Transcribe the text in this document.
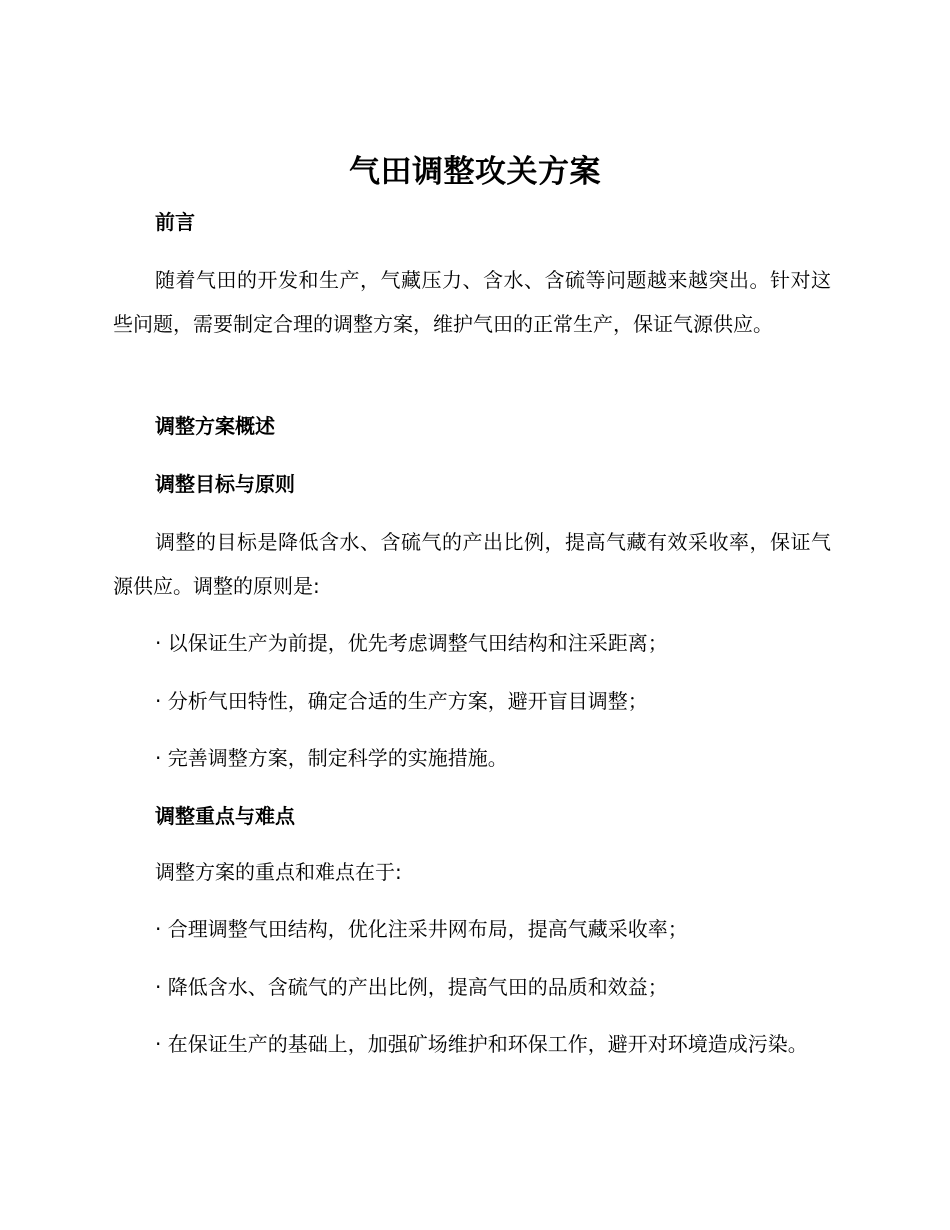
气田调整攻关方案

前言

随着气田的开发和生产，气藏压力、含水、含硫等问题越来越突出。针对这些问题，需要制定合理的调整方案，维护气田的正常生产，保证气源供应。

调整方案概述

调整目标与原则

调整的目标是降低含水、含硫气的产出比例，提高气藏有效采收率，保证气源供应。调整的原则是:

· 以保证生产为前提，优先考虑调整气田结构和注采距离；

· 分析气田特性，确定合适的生产方案，避开盲目调整；

· 完善调整方案，制定科学的实施措施。

调整重点与难点

调整方案的重点和难点在于:

· 合理调整气田结构，优化注采井网布局，提高气藏采收率；

· 降低含水、含硫气的产出比例，提高气田的品质和效益；

· 在保证生产的基础上，加强矿场维护和环保工作，避开对环境造成污染。
